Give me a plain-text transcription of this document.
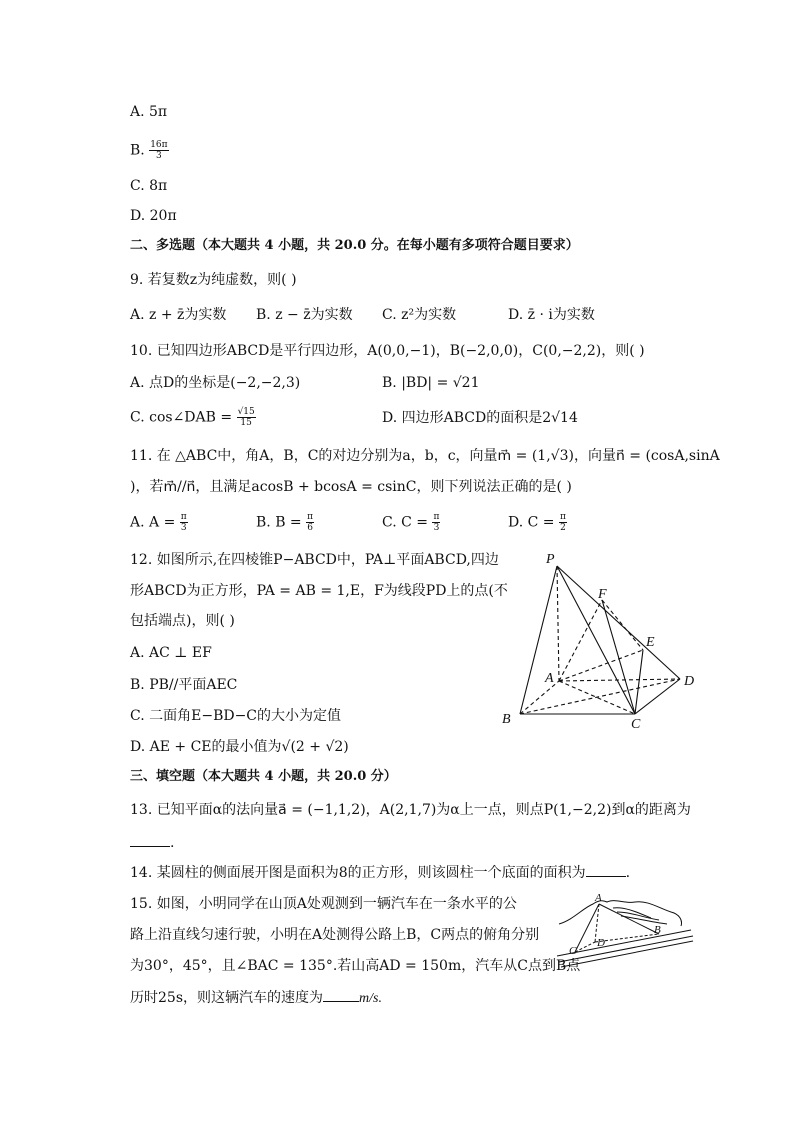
A. 5π
B. $\frac{16\pi}{3}$
C. 8π
D. 20π
二、多选题（本大题共 4 小题，共 20.0 分。在每小题有多项符合题目要求）
9. 若复数z为纯虚数，则( )
A. z + z̄为实数 B. z − z̄为实数 C. z²为实数	D. z̄ · i为实数
10. 已知四边形ABCD是平行四边形，A(0,0,−1)，B(−2,0,0)，C(0,−2,2)，则( )
A. 点D的坐标是(−2,−2,3)	B. |BD| = √21
C. cos∠DAB = $\frac{√15}{15}$	D. 四边形ABCD的面积是2√14
11. 在 △ABC中，角A，B，C的对边分别为a，b，c，向量m⃗ = (1,√3)，向量n⃗ = (cosA,sinA
)，若m⃗//n⃗，且满足acosB + bcosA = csinC，则下列说法正确的是( )
A. $A = \frac{\pi}{3}$	B. $B = \frac{\pi}{6}$	C. $C = \frac{\pi}{3}$	D. $C = \frac{\pi}{2}$
12. 如图所示,在四棱锥P−ABCD中，PA⊥平面ABCD,四边
形ABCD为正方形，PA = AB = 1,E，F为线段PD上的点(不
包括端点)，则( )
A. AC ⊥ EF
B. PB//平面AEC
C. 二面角E−BD−C的大小为定值
D. AE + CE的最小值为√(2 + √2)
P
F
E
A	D
B	C
三、填空题（本大题共 4 小题，共 20.0 分）
13. 已知平面α的法向量a⃗ = (−1,1,2)，A(2,1,7)为α上一点，则点P(1,−2,2)到α的距离为
.
14. 某圆柱的侧面展开图是面积为8的正方形，则该圆柱一个底面的面积为	.
15. 如图，小明同学在山顶A处观测到一辆汽车在一条水平的公
路上沿直线匀速行驶，小明在A处测得公路上B，C两点的俯角分别
为30°，45°，且∠BAC = 135°.若山高AD = 150m，汽车从C点到B点
历时25s，则这辆汽车的速度为	m/s.
A
B
C
D
